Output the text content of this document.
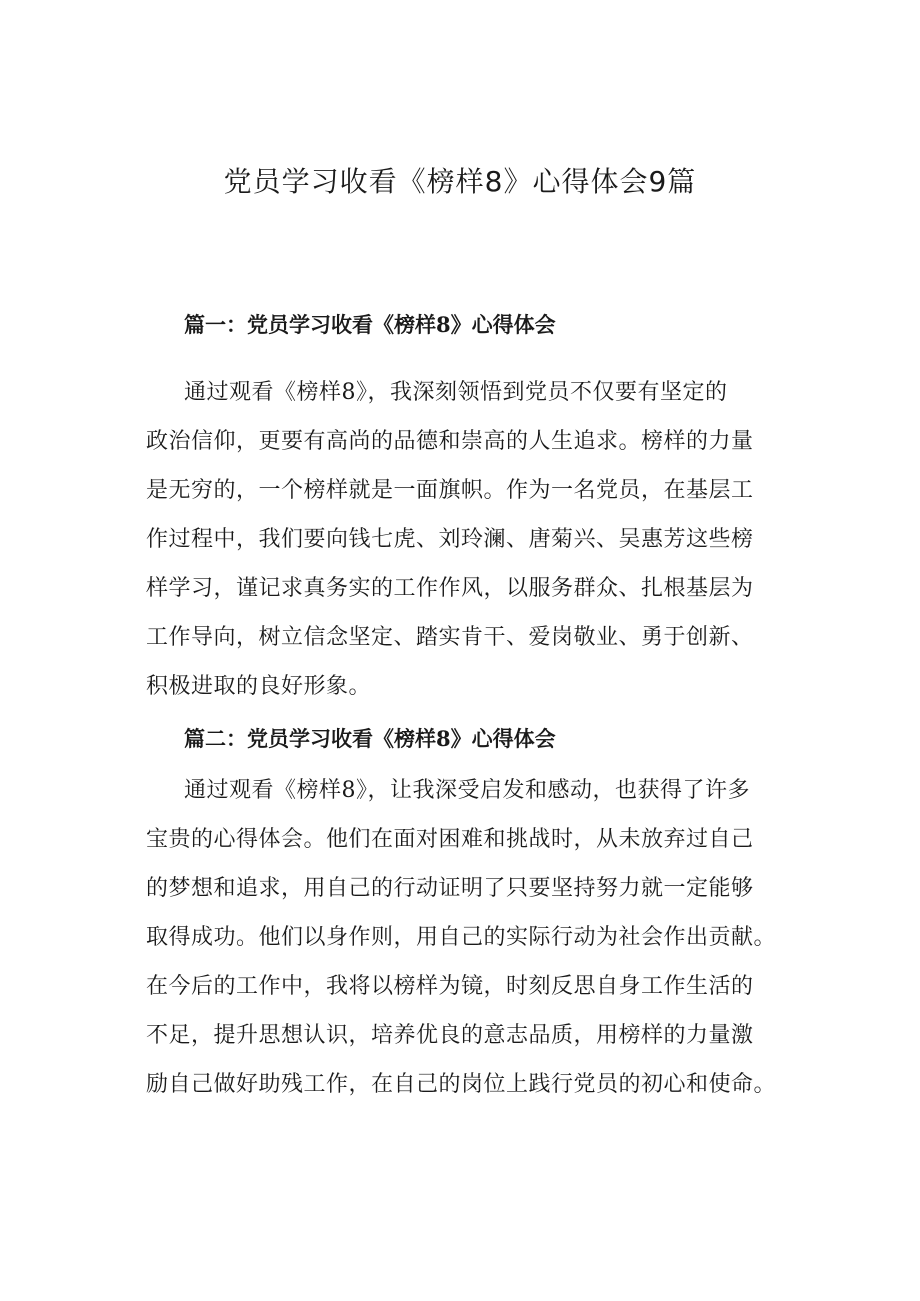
党员学习收看《榜样8》心得体会9篇
篇一：党员学习收看《榜样8》心得体会

通过观看《榜样8》，我深刻领悟到党员不仅要有坚定的

政治信仰，更要有高尚的品德和崇高的人生追求。榜样的力量

是无穷的，一个榜样就是一面旗帜。作为一名党员，在基层工

作过程中，我们要向钱七虎、刘玲澜、唐菊兴、吴惠芳这些榜

样学习，谨记求真务实的工作作风，以服务群众、扎根基层为

工作导向，树立信念坚定、踏实肯干、爱岗敬业、勇于创新、

积极进取的良好形象。

篇二：党员学习收看《榜样8》心得体会

通过观看《榜样8》，让我深受启发和感动，也获得了许多

宝贵的心得体会。他们在面对困难和挑战时，从未放弃过自己

的梦想和追求，用自己的行动证明了只要坚持努力就一定能够

取得成功。他们以身作则，用自己的实际行动为社会作出贡献。

在今后的工作中，我将以榜样为镜，时刻反思自身工作生活的

不足，提升思想认识，培养优良的意志品质，用榜样的力量激

励自己做好助残工作，在自己的岗位上践行党员的初心和使命。
